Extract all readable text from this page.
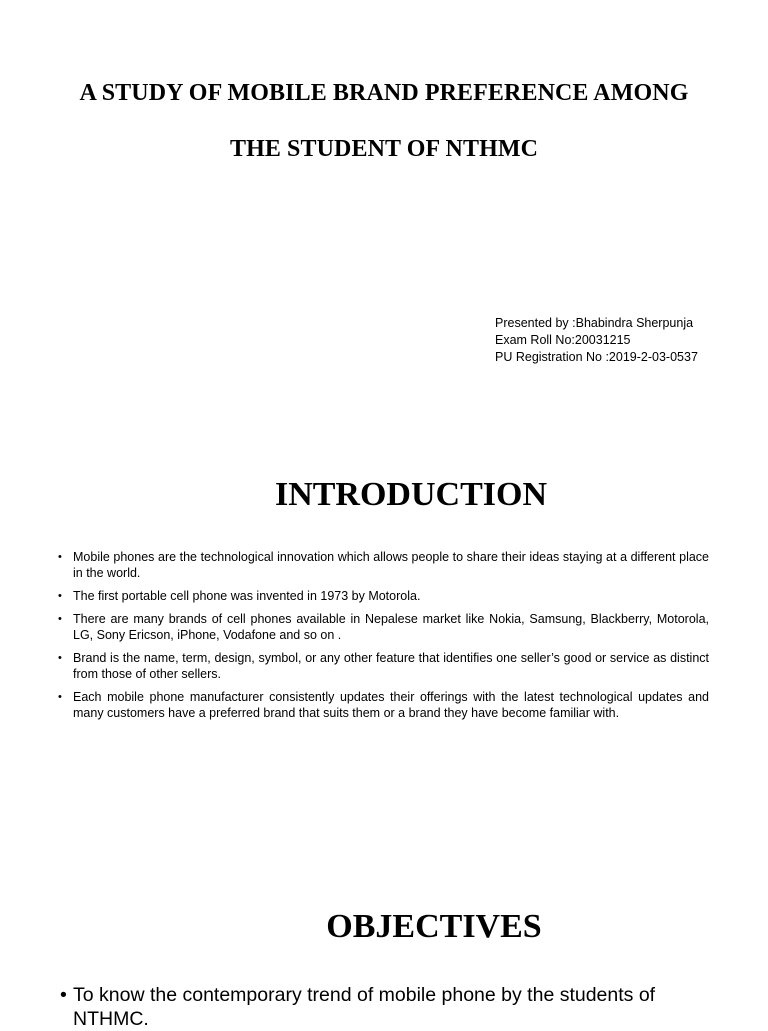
A STUDY OF MOBILE BRAND PREFERENCE AMONG
THE STUDENT OF NTHMC
Presented by :Bhabindra Sherpunja
Exam Roll No:20031215
PU Registration No :2019-2-03-0537
INTRODUCTION
• Mobile phones are the technological innovation which allows people to share their ideas staying at a different place in the world.
• The first portable cell phone was invented in 1973 by Motorola.
• There are many brands of cell phones available in Nepalese market like Nokia, Samsung, Blackberry, Motorola, LG, Sony Ericson, iPhone, Vodafone and so on .
• Brand is the name, term, design, symbol, or any other feature that identifies one seller’s good or service as distinct from those of other sellers.
• Each mobile phone manufacturer consistently updates their offerings with the latest technological updates and many customers have a preferred brand that suits them or a brand they have become familiar with.
OBJECTIVES
• To know the contemporary trend of mobile phone by the students of NTHMC.
